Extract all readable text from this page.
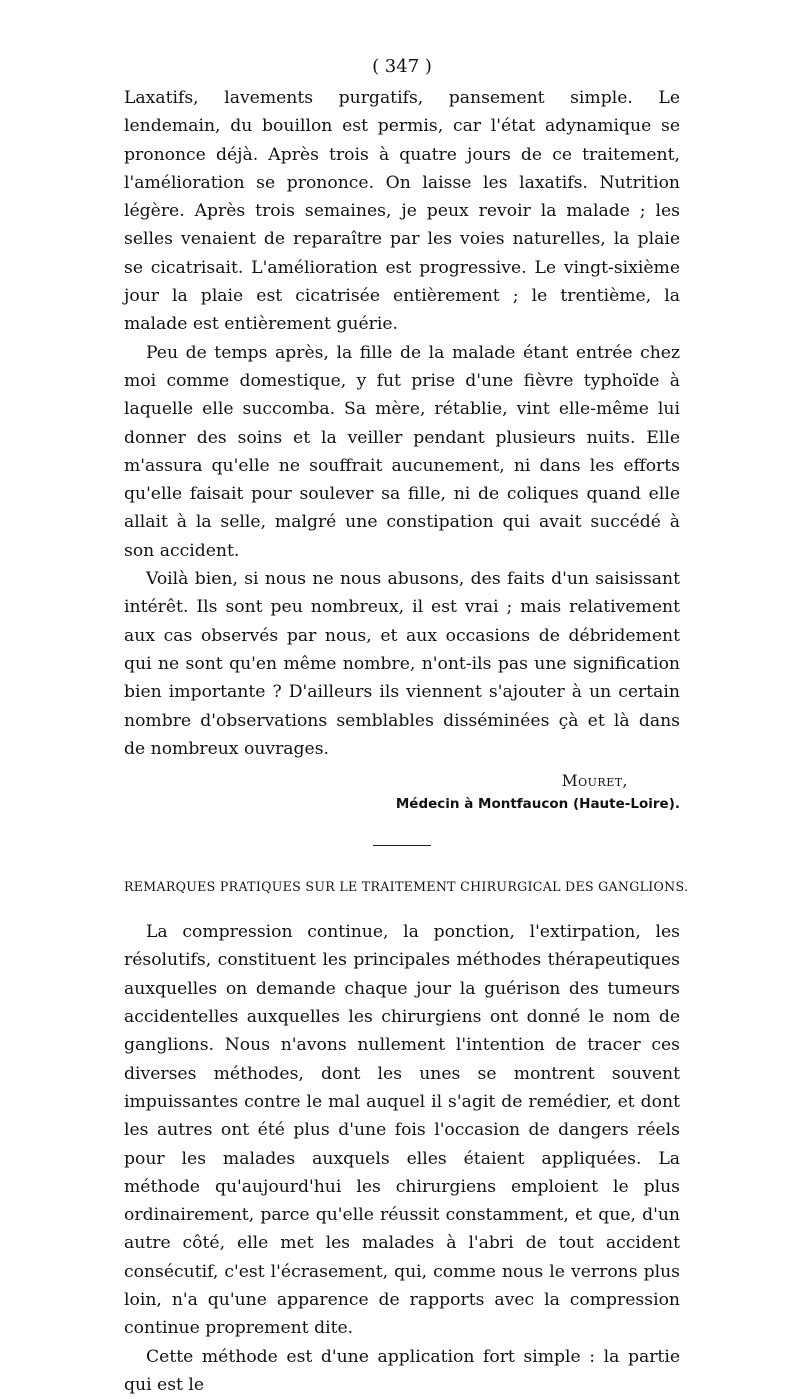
( 347 )

Laxatifs, lavements purgatifs, pansement simple. Le lendemain, du bouillon est permis, car l'état adynamique se prononce déjà. Après trois à quatre jours de ce traitement, l'amélioration se prononce. On laisse les laxatifs. Nutrition légère. Après trois semaines, je peux revoir la malade ; les selles venaient de reparaître par les voies naturelles, la plaie se cicatrisait. L'amélioration est progressive. Le vingt-sixième jour la plaie est cicatrisée entièrement ; le trentième, la malade est entièrement guérie.

Peu de temps après, la fille de la malade étant entrée chez moi comme domestique, y fut prise d'une fièvre typhoïde à laquelle elle succomba. Sa mère, rétablie, vint elle-même lui donner des soins et la veiller pendant plusieurs nuits. Elle m'assura qu'elle ne souffrait aucunement, ni dans les efforts qu'elle faisait pour soulever sa fille, ni de coliques quand elle allait à la selle, malgré une constipation qui avait succédé à son accident.

Voilà bien, si nous ne nous abusons, des faits d'un saisissant intérêt. Ils sont peu nombreux, il est vrai ; mais relativement aux cas observés par nous, et aux occasions de débridement qui ne sont qu'en même nombre, n'ont-ils pas une signification bien importante ? D'ailleurs ils viennent s'ajouter à un certain nombre d'observations semblables disséminées çà et là dans de nombreux ouvrages.

Mouret,
Médecin à Montfaucon (Haute-Loire).
REMARQUES PRATIQUES SUR LE TRAITEMENT CHIRURGICAL DES GANGLIONS.

La compression continue, la ponction, l'extirpation, les résolutifs, constituent les principales méthodes thérapeutiques auxquelles on demande chaque jour la guérison des tumeurs accidentelles auxquelles les chirurgiens ont donné le nom de ganglions. Nous n'avons nullement l'intention de tracer ces diverses méthodes, dont les unes se montrent souvent impuissantes contre le mal auquel il s'agit de remédier, et dont les autres ont été plus d'une fois l'occasion de dangers réels pour les malades auxquels elles étaient appliquées. La méthode qu'aujourd'hui les chirurgiens emploient le plus ordinairement, parce qu'elle réussit constamment, et que, d'un autre côté, elle met les malades à l'abri de tout accident consécutif, c'est l'écrasement, qui, comme nous le verrons plus loin, n'a qu'une apparence de rapports avec la compression continue proprement dite.

Cette méthode est d'une application fort simple : la partie qui est le
